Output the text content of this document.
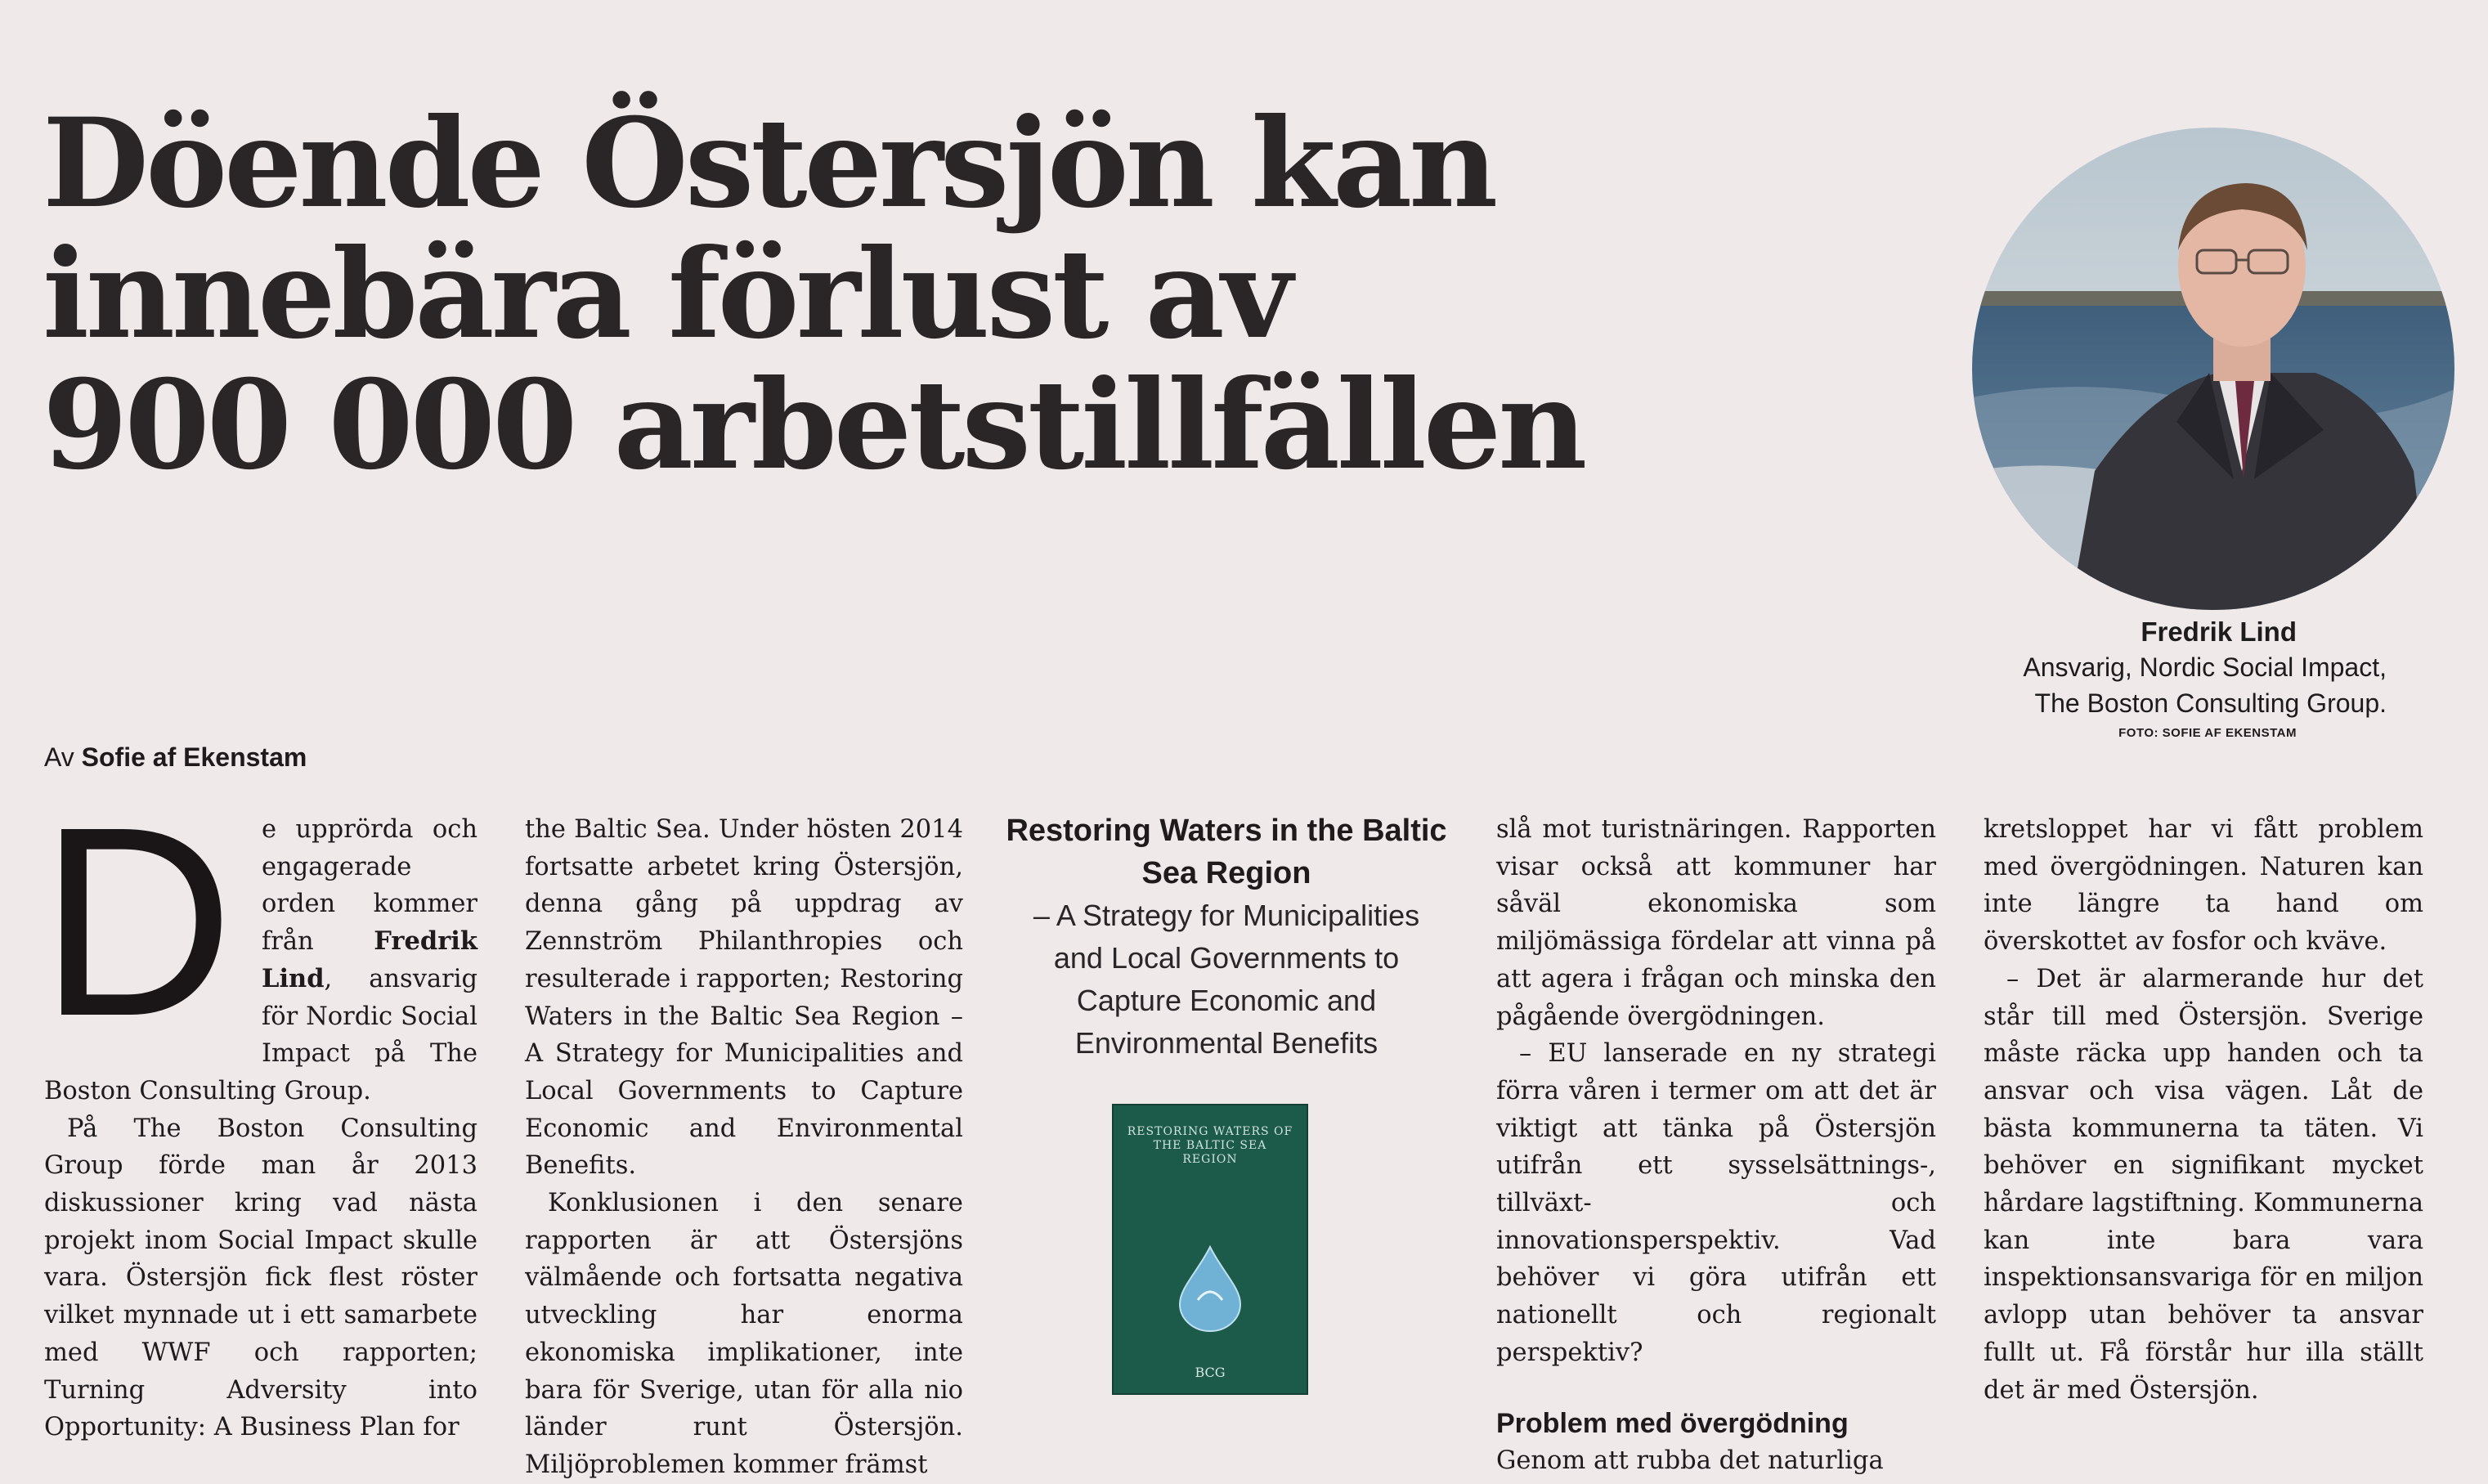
Döende Östersjön kan
innebära förlust av
900 000 arbetstillfällen
Fredrik Lind
Ansvarig, Nordic Social Impact,
The Boston Consulting Group.
FOTO: SOFIE AF EKENSTAM
Av Sofie af Ekenstam

D	e upprörda och engagerade orden kommer från Fredrik Lind, ansvarig för Nordic Social Impact på The Boston Consulting Group.

På The Boston Consulting Group förde man år 2013 diskussioner kring vad nästa projekt inom Social Impact skulle vara. Östersjön fick flest röster vilket mynnade ut i ett samarbete med WWF och rapporten; Turning Adversity into Opportunity: A Business Plan for

the Baltic Sea. Under hösten 2014 fortsatte arbetet kring Östersjön, denna gång på uppdrag av Zennström Philanthropies och resulterade i rapporten; Restoring Waters in the Baltic Sea Region – A Strategy for Municipalities and Local Governments to Capture Economic and Environmental Benefits.

Konklusionen i den senare rapporten är att Östersjöns välmående och fortsatta negativa utveckling har enorma ekonomiska implikationer, inte bara för Sverige, utan för alla nio länder runt Östersjön. Miljöproblemen kommer främst

Restoring Waters in the Baltic Sea Region
– A Strategy for Municipalities and Local Governments to Capture Economic and Environmental Benefits
RESTORING WATERS OF THE BALTIC SEA REGION
BCG

slå mot turistnäringen. Rapporten visar också att kommuner har såväl ekonomiska som miljömässiga fördelar att vinna på att agera i frågan och minska den pågående övergödningen.

– EU lanserade en ny strategi förra våren i termer om att det är viktigt att tänka på Östersjön utifrån ett sysselsättnings-, tillväxt- och innovationsperspektiv. Vad behöver vi göra utifrån ett nationellt och regionalt perspektiv?

Problem med övergödning

Genom att rubba det naturliga

kretsloppet har vi fått problem med övergödningen. Naturen kan inte längre ta hand om överskottet av fosfor och kväve.

– Det är alarmerande hur det står till med Östersjön. Sverige måste räcka upp handen och ta ansvar och visa vägen. Låt de bästa kommunerna ta täten. Vi behöver en signifikant mycket hårdare lagstiftning. Kommunerna kan inte bara vara inspektionsansvariga för en miljon avlopp utan behöver ta ansvar fullt ut. Få förstår hur illa ställt det är med Östersjön.
